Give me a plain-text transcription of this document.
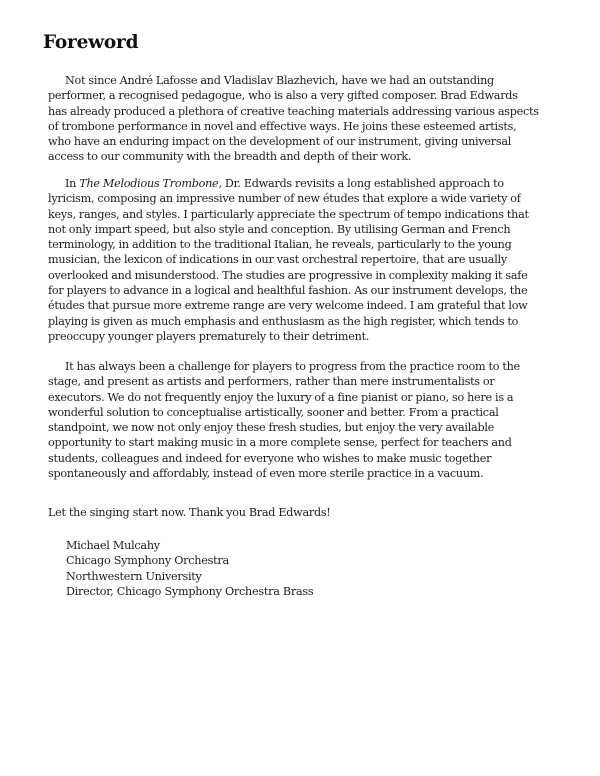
Foreword

Not since André Lafosse and Vladislav Blazhevich, have we had an outstanding
performer, a recognised pedagogue, who is also a very gifted composer. Brad Edwards
has already produced a plethora of creative teaching materials addressing various aspects
of trombone performance in novel and effective ways. He joins these esteemed artists,
who have an enduring impact on the development of our instrument, giving universal
access to our community with the breadth and depth of their work.

In The Melodious Trombone, Dr. Edwards revisits a long established approach to
lyricism, composing an impressive number of new études that explore a wide variety of
keys, ranges, and styles. I particularly appreciate the spectrum of tempo indications that
not only impart speed, but also style and conception. By utilising German and French
terminology, in addition to the traditional Italian, he reveals, particularly to the young
musician, the lexicon of indications in our vast orchestral repertoire, that are usually
overlooked and misunderstood. The studies are progressive in complexity making it safe
for players to advance in a logical and healthful fashion. As our instrument develops, the
études that pursue more extreme range are very welcome indeed. I am grateful that low
playing is given as much emphasis and enthusiasm as the high register, which tends to
preoccupy younger players prematurely to their detriment.

It has always been a challenge for players to progress from the practice room to the
stage, and present as artists and performers, rather than mere instrumentalists or
executors. We do not frequently enjoy the luxury of a fine pianist or piano, so here is a
wonderful solution to conceptualise artistically, sooner and better. From a practical
standpoint, we now not only enjoy these fresh studies, but enjoy the very available
opportunity to start making music in a more complete sense, perfect for teachers and
students, colleagues and indeed for everyone who wishes to make music together
spontaneously and affordably, instead of even more sterile practice in a vacuum.

Let the singing start now. Thank you Brad Edwards!

Michael Mulcahy
Chicago Symphony Orchestra
Northwestern University
Director, Chicago Symphony Orchestra Brass
